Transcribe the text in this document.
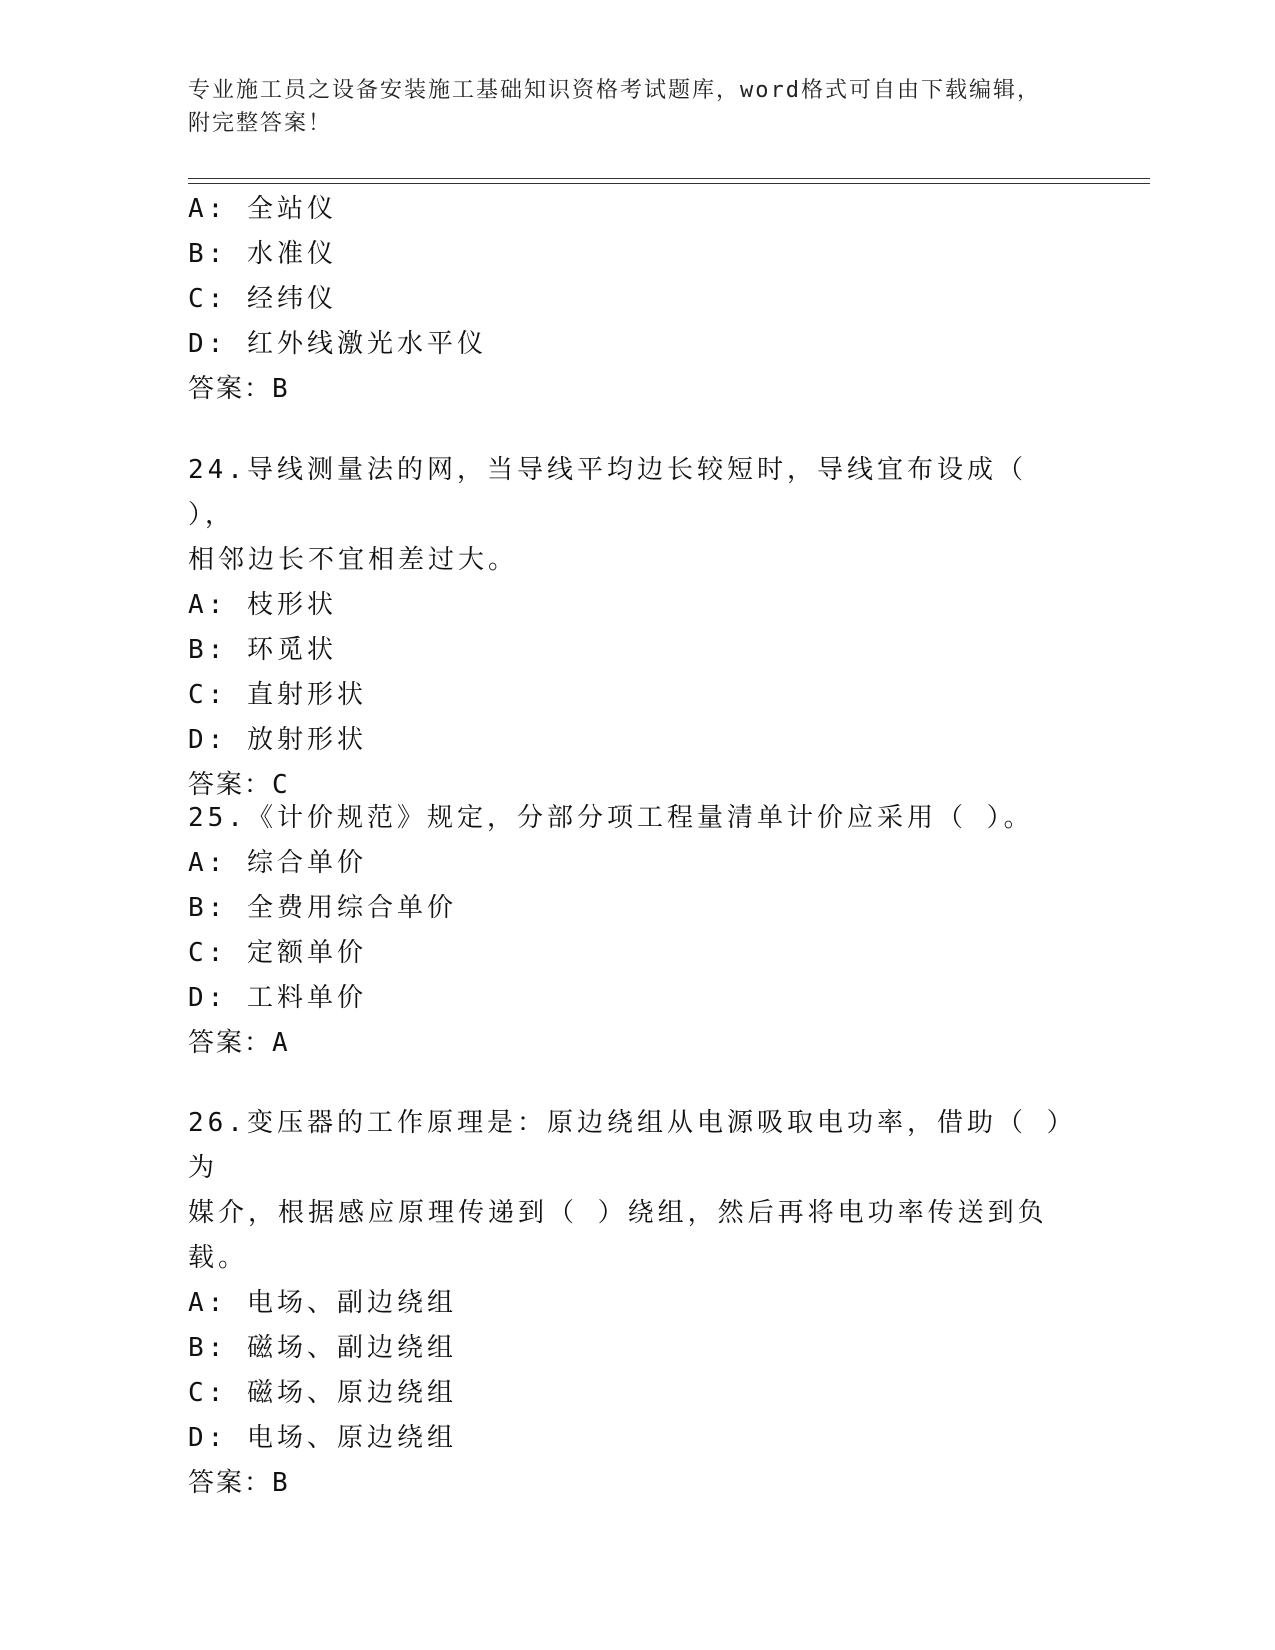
专业施工员之设备安装施工基础知识资格考试题库，word格式可自由下载编辑，
附完整答案！

A: 全站仪

B: 水准仪

C: 经纬仪

D: 红外线激光水平仪

答案：B

24.导线测量法的网，当导线平均边长较短时，导线宜布设成（ ），

相邻边长不宜相差过大。

A: 枝形状

B: 环觅状

C: 直射形状

D: 放射形状

答案：C

25.《计价规范》规定，分部分项工程量清单计价应采用（ ）。

A: 综合单价

B: 全费用综合单价

C: 定额单价

D: 工料单价

答案：A

26.变压器的工作原理是：原边绕组从电源吸取电功率，借助（ ）为

媒介，根据感应原理传递到（ ）绕组，然后再将电功率传送到负载。

A: 电场、副边绕组

B: 磁场、副边绕组

C: 磁场、原边绕组

D: 电场、原边绕组

答案：B
